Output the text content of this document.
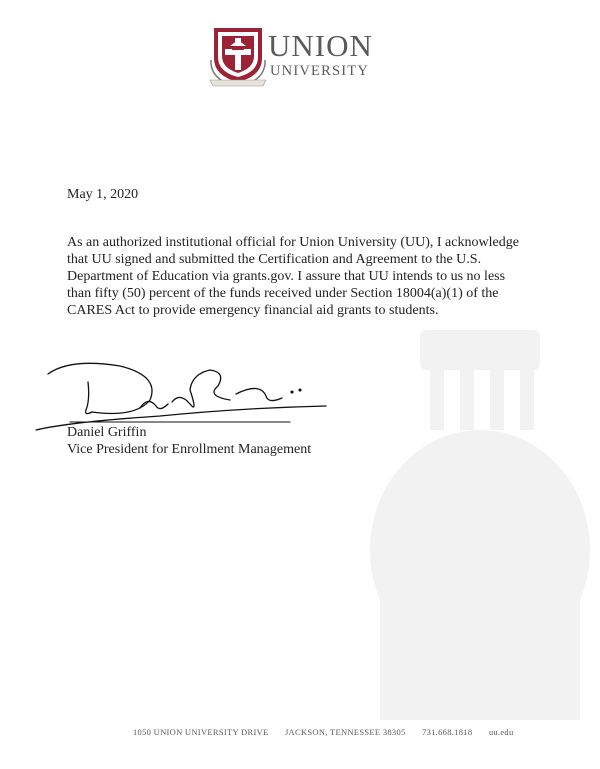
UNION
UNIVERSITY
May 1, 2020
As an authorized institutional official for Union University (UU), I acknowledge
that UU signed and submitted the Certification and Agreement to the U.S.
Department of Education via grants.gov. I assure that UU intends to us no less
than fifty (50) percent of the funds received under Section 18004(a)(1) of the
CARES Act to provide emergency financial aid grants to students.
Daniel Griffin
Vice President for Enrollment Management
1050 UNION UNIVERSITY DRIVE JACKSON, TENNESSEE 38305 731.668.1818 uu.edu
